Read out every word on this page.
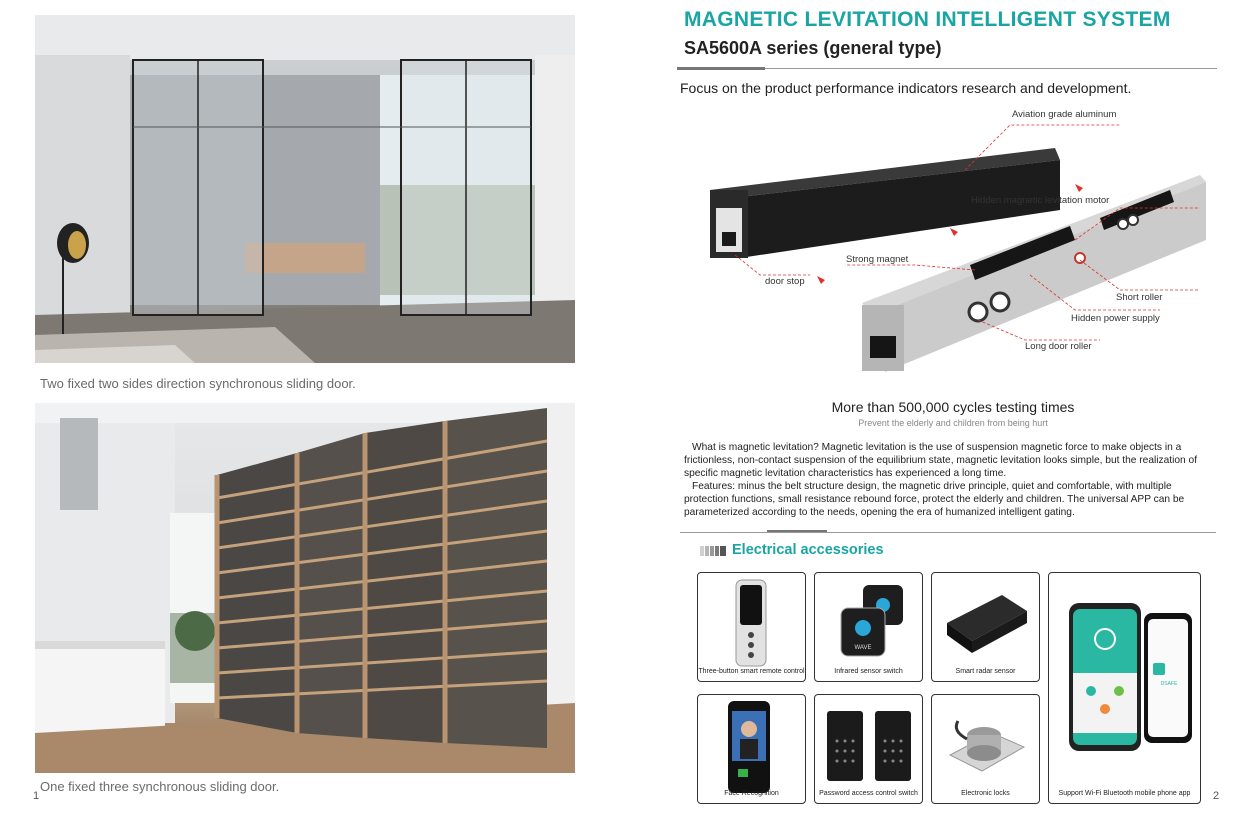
Two fixed two sides direction synchronous sliding door.
One fixed three synchronous sliding door.
1
MAGNETIC LEVITATION INTELLIGENT SYSTEM
SA5600A series (general type)
Focus on the product performance indicators research and development.
Aviation grade aluminum
Hidden magnetic levitation motor
Strong magnet
door stop
Short roller
Hidden power supply
Long door roller
More than 500,000 cycles testing times
Prevent the elderly and children from being hurt
What is magnetic levitation? Magnetic levitation is the use of suspension magnetic force to make objects in a frictionless, non-contact suspension of the equilibrium state, magnetic levitation looks simple, but the realization of specific magnetic levitation characteristics has experienced a long time.
Features: minus the belt structure design, the magnetic drive principle, quiet and comfortable, with multiple protection functions, small resistance rebound force, protect the elderly and children. The universal APP can be parameterized according to the needs, opening the era of humanized intelligent gating.
Electrical accessories
Three-button smart remote control
WAVE
Infrared sensor switch	Smart radar sensor
DSAFE
Support Wi-Fi Bluetooth mobile phone app
Face Recognition	Password access control switch	Electronic locks	2
